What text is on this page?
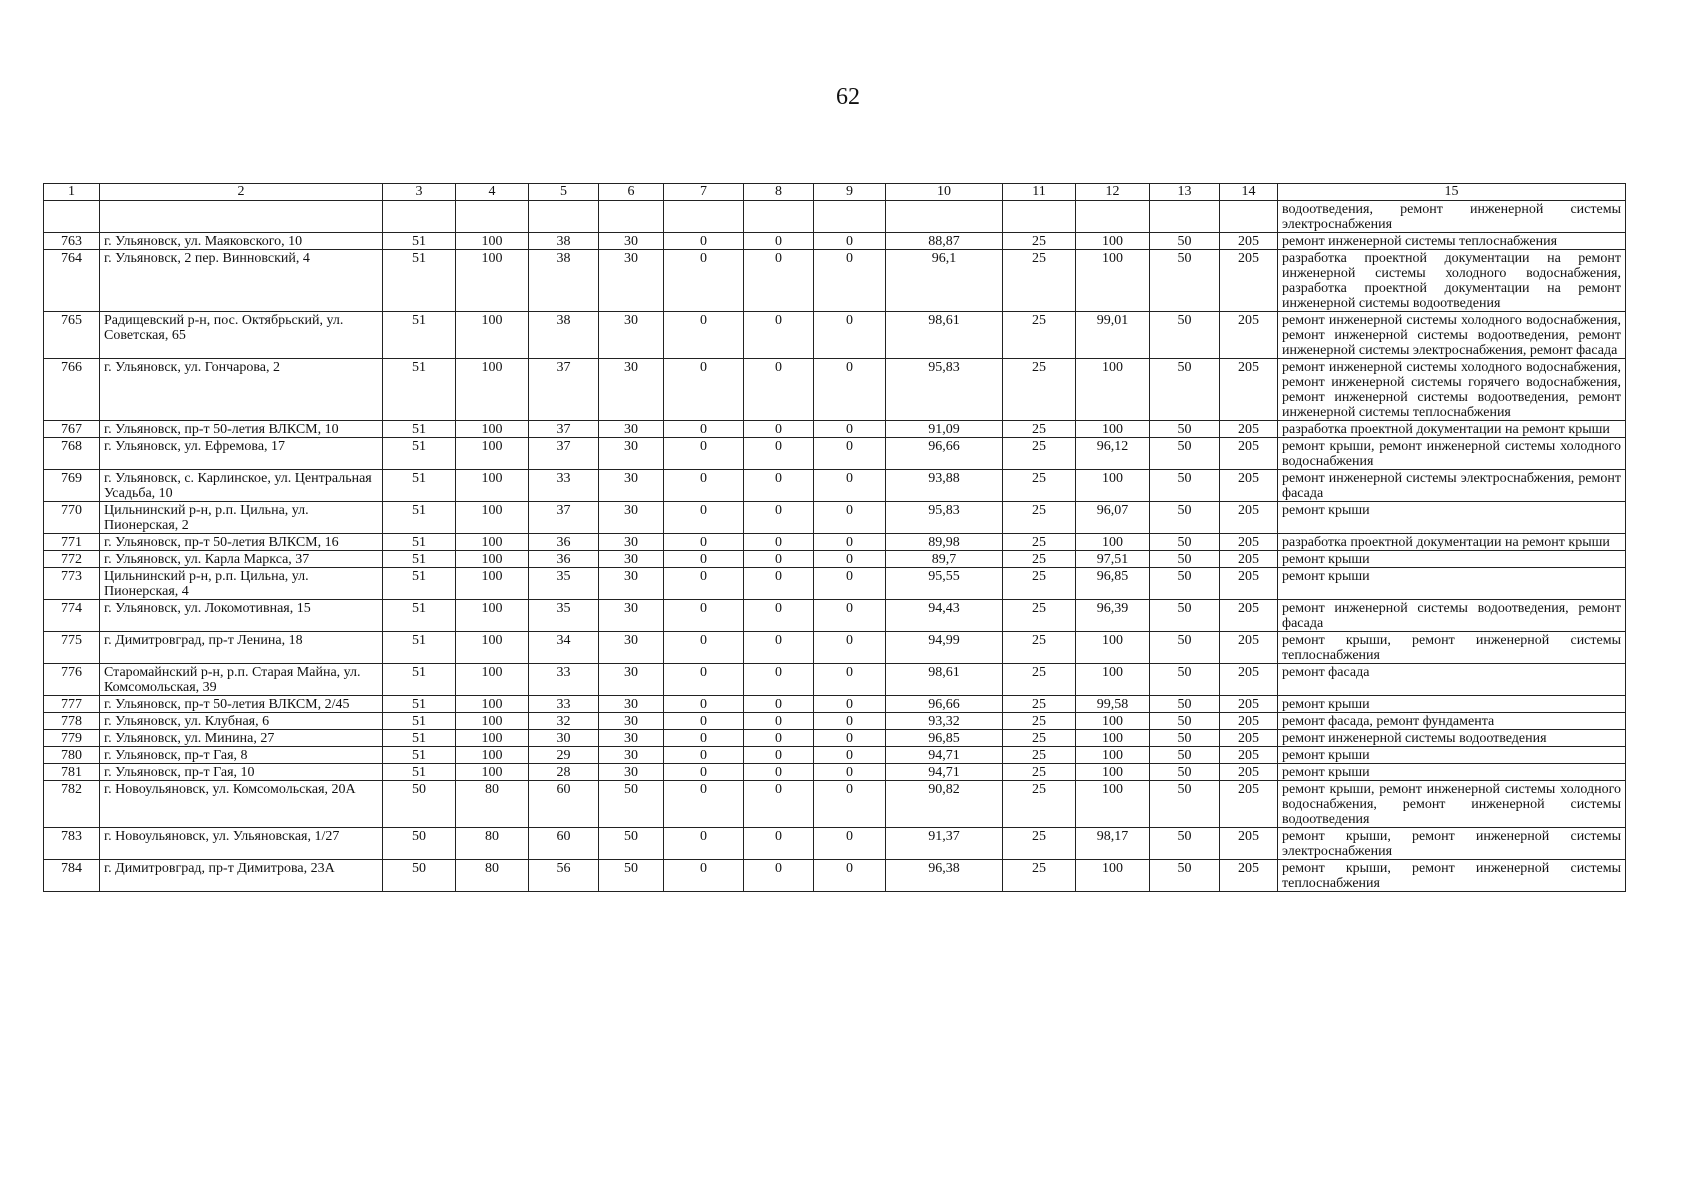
62
1	2	3	4	5	6	7	8	9	10	11	12	13	14	15
														водоотведения, ремонт инженерной системы электроснабжения
763	г. Ульяновск, ул. Маяковского, 10	51	100	38	30	0	0	0	88,87	25	100	50	205	ремонт инженерной системы теплоснабжения
764	г. Ульяновск, 2 пер. Винновский, 4	51	100	38	30	0	0	0	96,1	25	100	50	205	разработка проектной документации на ремонт инженерной системы холодного водоснабжения, разработка проектной документации на ремонт инженерной системы водоотведения
765	Радищевский р-н, пос. Октябрьский, ул. Советская, 65	51	100	38	30	0	0	0	98,61	25	99,01	50	205	ремонт инженерной системы холодного водоснабжения, ремонт инженерной системы водоотведения, ремонт инженерной системы электроснабжения, ремонт фасада
766	г. Ульяновск, ул. Гончарова, 2	51	100	37	30	0	0	0	95,83	25	100	50	205	ремонт инженерной системы холодного водоснабжения, ремонт инженерной системы горячего водоснабжения, ремонт инженерной системы водоотведения, ремонт инженерной системы теплоснабжения
767	г. Ульяновск, пр-т 50-летия ВЛКСМ, 10	51	100	37	30	0	0	0	91,09	25	100	50	205	разработка проектной документации на ремонт крыши
768	г. Ульяновск, ул. Ефремова, 17	51	100	37	30	0	0	0	96,66	25	96,12	50	205	ремонт крыши, ремонт инженерной системы холодного водоснабжения
769	г. Ульяновск, с. Карлинское, ул. Центральная Усадьба, 10	51	100	33	30	0	0	0	93,88	25	100	50	205	ремонт инженерной системы электроснабжения, ремонт фасада
770	Цильнинский р-н, р.п. Цильна, ул. Пионерская, 2	51	100	37	30	0	0	0	95,83	25	96,07	50	205	ремонт крыши
771	г. Ульяновск, пр-т 50-летия ВЛКСМ, 16	51	100	36	30	0	0	0	89,98	25	100	50	205	разработка проектной документации на ремонт крыши
772	г. Ульяновск, ул. Карла Маркса, 37	51	100	36	30	0	0	0	89,7	25	97,51	50	205	ремонт крыши
773	Цильнинский р-н, р.п. Цильна, ул. Пионерская, 4	51	100	35	30	0	0	0	95,55	25	96,85	50	205	ремонт крыши
774	г. Ульяновск, ул. Локомотивная, 15	51	100	35	30	0	0	0	94,43	25	96,39	50	205	ремонт инженерной системы водоотведения, ремонт фасада
775	г. Димитровград, пр-т Ленина, 18	51	100	34	30	0	0	0	94,99	25	100	50	205	ремонт крыши, ремонт инженерной системы теплоснабжения
776	Старомайнский р-н, р.п. Старая Майна, ул. Комсомольская, 39	51	100	33	30	0	0	0	98,61	25	100	50	205	ремонт фасада
777	г. Ульяновск, пр-т 50-летия ВЛКСМ, 2/45	51	100	33	30	0	0	0	96,66	25	99,58	50	205	ремонт крыши
778	г. Ульяновск, ул. Клубная, 6	51	100	32	30	0	0	0	93,32	25	100	50	205	ремонт фасада, ремонт фундамента
779	г. Ульяновск, ул. Минина, 27	51	100	30	30	0	0	0	96,85	25	100	50	205	ремонт инженерной системы водоотведения
780	г. Ульяновск, пр-т Гая, 8	51	100	29	30	0	0	0	94,71	25	100	50	205	ремонт крыши
781	г. Ульяновск, пр-т Гая, 10	51	100	28	30	0	0	0	94,71	25	100	50	205	ремонт крыши
782	г. Новоульяновск, ул. Комсомольская, 20А	50	80	60	50	0	0	0	90,82	25	100	50	205	ремонт крыши, ремонт инженерной системы холодного водоснабжения, ремонт инженерной системы водоотведения
783	г. Новоульяновск, ул. Ульяновская, 1/27	50	80	60	50	0	0	0	91,37	25	98,17	50	205	ремонт крыши, ремонт инженерной системы электроснабжения
784	г. Димитровград, пр-т Димитрова, 23А	50	80	56	50	0	0	0	96,38	25	100	50	205	ремонт крыши, ремонт инженерной системы теплоснабжения
